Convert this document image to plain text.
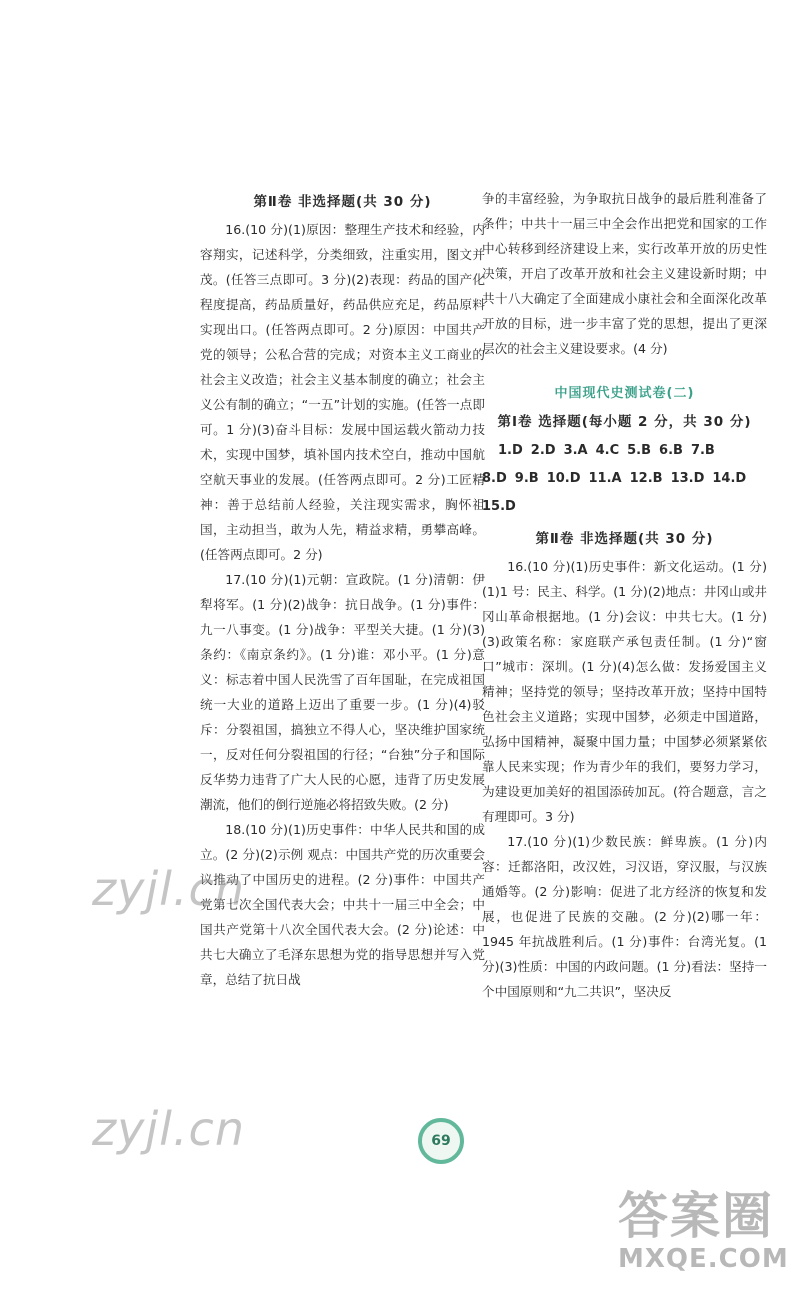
第Ⅱ卷 非选择题(共 30 分)

16.(10 分)(1)原因：整理生产技术和经验，内容翔实，记述科学，分类细致，注重实用，图文并茂。(任答三点即可。3 分)(2)表现：药品的国产化程度提高，药品质量好，药品供应充足，药品原料实现出口。(任答两点即可。2 分)原因：中国共产党的领导；公私合营的完成；对资本主义工商业的社会主义改造；社会主义基本制度的确立；社会主义公有制的确立；“一五”计划的实施。(任答一点即可。1 分)(3)奋斗目标：发展中国运载火箭动力技术，实现中国梦，填补国内技术空白，推动中国航空航天事业的发展。(任答两点即可。2 分)工匠精神：善于总结前人经验，关注现实需求，胸怀祖国，主动担当，敢为人先，精益求精，勇攀高峰。(任答两点即可。2 分)

17.(10 分)(1)元朝：宣政院。(1 分)清朝：伊犁将军。(1 分)(2)战争：抗日战争。(1 分)事件：九一八事变。(1 分)战争：平型关大捷。(1 分)(3)条约：《南京条约》。(1 分)谁：邓小平。(1 分)意义：标志着中国人民洗雪了百年国耻，在完成祖国统一大业的道路上迈出了重要一步。(1 分)(4)驳斥：分裂祖国，搞独立不得人心，坚决维护国家统一，反对任何分裂祖国的行径；“台独”分子和国际反华势力违背了广大人民的心愿，违背了历史发展潮流，他们的倒行逆施必将招致失败。(2 分)

18.(10 分)(1)历史事件：中华人民共和国的成立。(2 分)(2)示例 观点：中国共产党的历次重要会议推动了中国历史的进程。(2 分)事件：中国共产党第七次全国代表大会；中共十一届三中全会；中国共产党第十八次全国代表大会。(2 分)论述：中共七大确立了毛泽东思想为党的指导思想并写入党章，总结了抗日战

争的丰富经验，为争取抗日战争的最后胜利准备了条件；中共十一届三中全会作出把党和国家的工作中心转移到经济建设上来，实行改革开放的历史性决策，开启了改革开放和社会主义建设新时期；中共十八大确定了全面建成小康社会和全面深化改革开放的目标，进一步丰富了党的思想，提出了更深层次的社会主义建设要求。(4 分)

中国现代史测试卷(二)
第Ⅰ卷 选择题(每小题 2 分，共 30 分)
1.D 2.D 3.A 4.C 5.B 6.B 7.B
8.D 9.B 10.D 11.A 12.B 13.D 14.D
15.D
第Ⅱ卷 非选择题(共 30 分)

16.(10 分)(1)历史事件：新文化运动。(1 分)(1)1 号：民主、科学。(1 分)(2)地点：井冈山或井冈山革命根据地。(1 分)会议：中共七大。(1 分)(3)政策名称：家庭联产承包责任制。(1 分)“窗口”城市：深圳。(1 分)(4)怎么做：发扬爱国主义精神；坚持党的领导；坚持改革开放；坚持中国特色社会主义道路；实现中国梦，必须走中国道路，弘扬中国精神，凝聚中国力量；中国梦必须紧紧依靠人民来实现；作为青少年的我们，要努力学习，为建设更加美好的祖国添砖加瓦。(符合题意，言之有理即可。3 分)

17.(10 分)(1)少数民族：鲜卑族。(1 分)内容：迁都洛阳，改汉姓，习汉语，穿汉服，与汉族通婚等。(2 分)影响：促进了北方经济的恢复和发展，也促进了民族的交融。(2 分)(2)哪一年：1945 年抗战胜利后。(1 分)事件：台湾光复。(1 分)(3)性质：中国的内政问题。(1 分)看法：坚持一个中国原则和“九二共识”，坚决反

zyjl.cn
zyjl.cn	69
答案圈
MXQE.COM
